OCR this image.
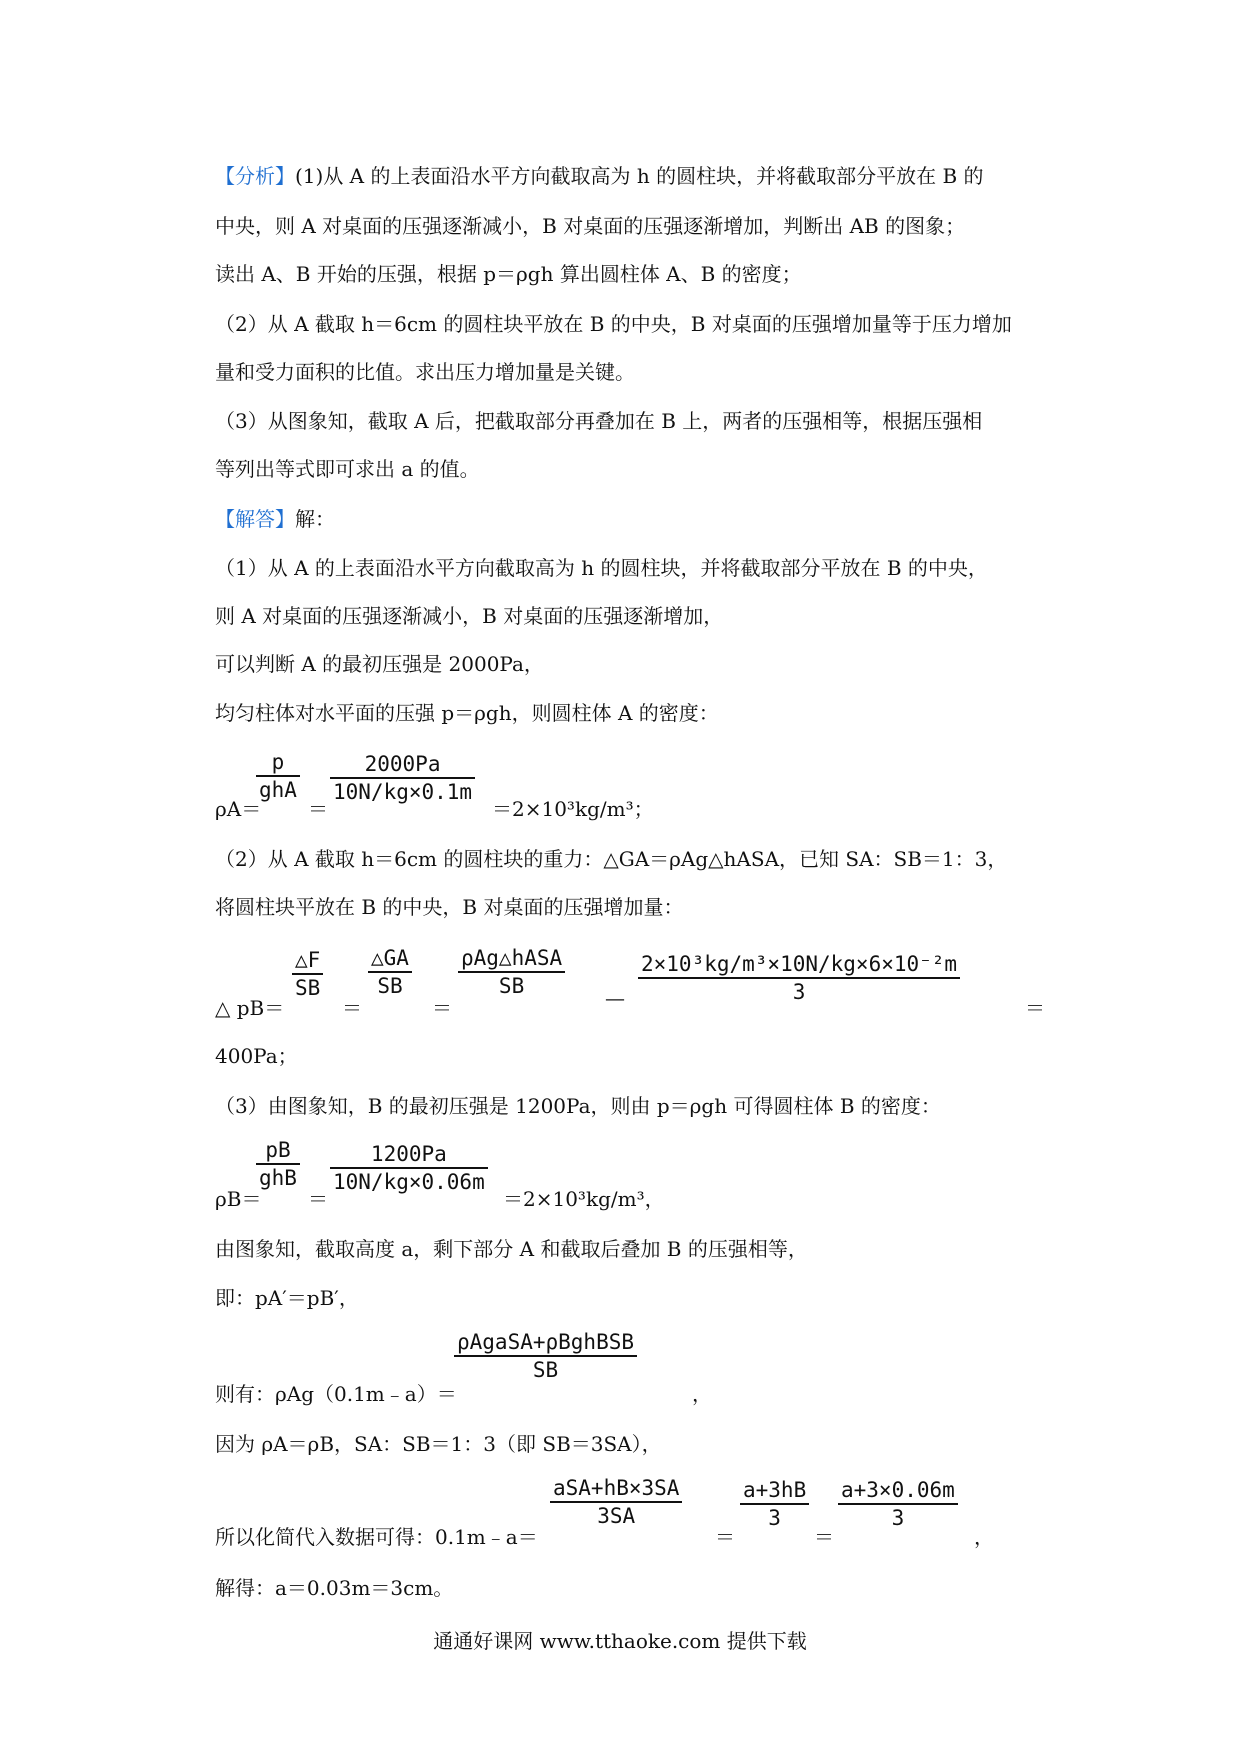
【分析】(1)从 A 的上表面沿水平方向截取高为 h 的圆柱块，并将截取部分平放在 B 的
中央，则 A 对桌面的压强逐渐减小，B 对桌面的压强逐渐增加，判断出 AB 的图象；
读出 A、B 开始的压强，根据 p＝ρgh 算出圆柱体 A、B 的密度；
（2）从 A 截取 h＝6cm 的圆柱块平放在 B 的中央，B 对桌面的压强增加量等于压力增加
量和受力面积的比值。求出压力增加量是关键。
（3）从图象知，截取 A 后，把截取部分再叠加在 B 上，两者的压强相等，根据压强相
等列出等式即可求出 a 的值。
【解答】解：
（1）从 A 的上表面沿水平方向截取高为 h 的圆柱块，并将截取部分平放在 B 的中央，
则 A 对桌面的压强逐渐减小，B 对桌面的压强逐渐增加，
可以判断 A 的最初压强是 2000Pa，
均匀柱体对水平面的压强 p＝ρgh，则圆柱体 A 的密度：
ρA＝
p
ghA
＝
2000Pa
10N/kg×0.1m
＝2×10³kg/m³；
（2）从 A 截取 h＝6cm 的圆柱块的重力：△GA＝ρAg△hASA，已知 SA：SB＝1：3，
将圆柱块平放在 B 的中央，B 对桌面的压强增加量：
△ pB＝
△F
SB
＝
△GA
SB
＝
ρAg△hASA
SB	—
2×10³kg/m³×10N/kg×6×10⁻²m
3
＝
400Pa；
（3）由图象知，B 的最初压强是 1200Pa，则由 p＝ρgh 可得圆柱体 B 的密度：
ρB＝
pB
ghB
＝
1200Pa
10N/kg×0.06m
＝2×10³kg/m³，
由图象知，截取高度 a，剩下部分 A 和截取后叠加 B 的压强相等，
即：pA′＝pB′，
则有：ρAg（0.1m﹣a）＝
ρAgaSA+ρBghBSB
SB
，
因为 ρA＝ρB，SA：SB＝1：3（即 SB＝3SA），
所以化简代入数据可得：0.1m﹣a＝
aSA+hB×3SA
3SA
＝
a+3hB
3
＝
a+3×0.06m
3
，
解得：a＝0.03m＝3cm。
通通好课网 www.tthaoke.com 提供下载
